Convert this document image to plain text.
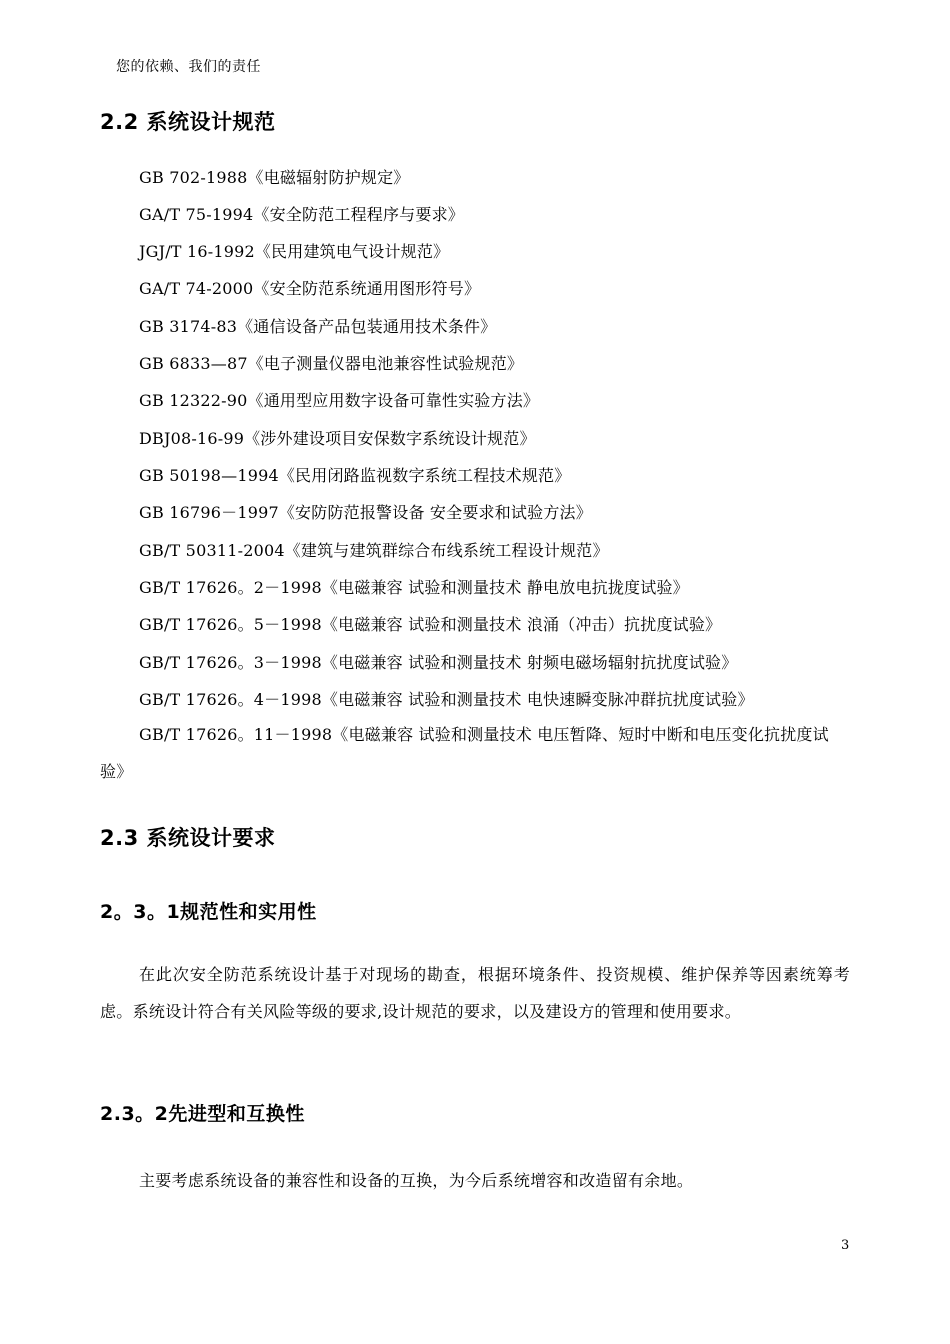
您的依赖、我们的责任
2.2 系统设计规范
GB 702-1988《电磁辐射防护规定》
GA/T 75-1994《安全防范工程程序与要求》
JGJ/T 16-1992《民用建筑电气设计规范》
GA/T 74-2000《安全防范系统通用图形符号》
GB 3174-83《通信设备产品包装通用技术条件》
GB 6833—87《电子测量仪器电池兼容性试验规范》
GB 12322-90《通用型应用数字设备可靠性实验方法》
DBJ08-16-99《涉外建设项目安保数字系统设计规范》
GB 50198—1994《民用闭路监视数字系统工程技术规范》
GB 16796－1997《安防防范报警设备 安全要求和试验方法》
GB/T 50311-2004《建筑与建筑群综合布线系统工程设计规范》
GB/T 17626。2－1998《电磁兼容 试验和测量技术 静电放电抗拢度试验》
GB/T 17626。5－1998《电磁兼容 试验和测量技术 浪涌（冲击）抗扰度试验》
GB/T 17626。3－1998《电磁兼容 试验和测量技术 射频电磁场辐射抗扰度试验》
GB/T 17626。4－1998《电磁兼容 试验和测量技术 电快速瞬变脉冲群抗扰度试验》
GB/T 17626。11－1998《电磁兼容 试验和测量技术 电压暂降、短时中断和电压变化抗扰度试验》
2.3 系统设计要求
2。3。1规范性和实用性
在此次安全防范系统设计基于对现场的勘查，根据环境条件、投资规模、维护保养等因素统筹考虑。系统设计符合有关风险等级的要求,设计规范的要求，以及建设方的管理和使用要求。
2.3。2先进型和互换性
主要考虑系统设备的兼容性和设备的互换，为今后系统增容和改造留有余地。
3
